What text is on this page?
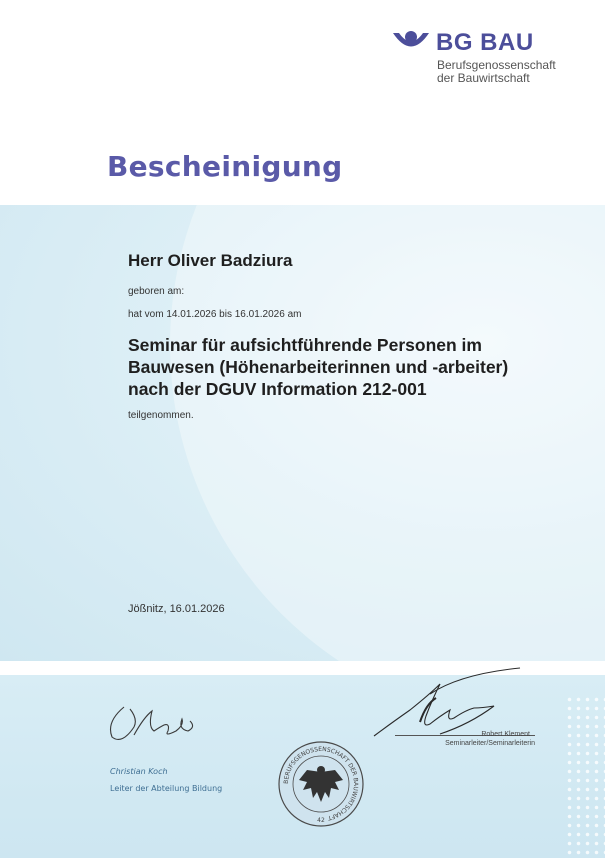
BG BAU
Berufsgenossenschaft
der Bauwirtschaft
Bescheinigung
Herr Oliver Badziura
geboren am:
hat vom 14.01.2026 bis 16.01.2026 am
Seminar für aufsichtführende Personen im
Bauwesen (Höhenarbeiterinnen und -arbeiter)
nach der DGUV Information 212-001
teilgenommen.
Jößnitz, 16.01.2026
Christian Koch
Leiter der Abteilung Bildung
Robert Klement
Seminarleiter/Seminarleiterin
BERUFSGENOSSENSCHAFT DER BAUWIRTSCHAFT
42
